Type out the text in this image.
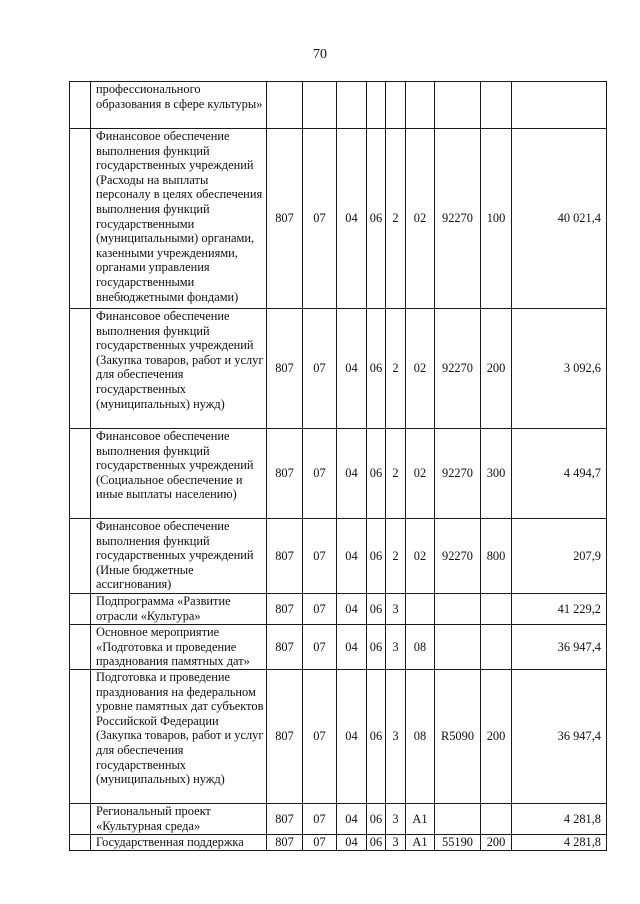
70
	профессионального образования в сфере культуры»									
	Финансовое обеспечение выполнения функций государственных учреждений (Расходы на выплаты персоналу в целях обеспечения выполнения функций государственными (муниципальными) органами, казенными учреждениями, органами управления государственными внебюджетными фондами)	807	07	04	06	2	02	92270	100	40 021,4
	Финансовое обеспечение выполнения функций государственных учреждений (Закупка товаров, работ и услуг для обеспечения государственных (муниципальных) нужд)	807	07	04	06	2	02	92270	200	3 092,6
	Финансовое обеспечение выполнения функций государственных учреждений (Социальное обеспечение и иные выплаты населению)	807	07	04	06	2	02	92270	300	4 494,7
	Финансовое обеспечение выполнения функций государственных учреждений (Иные бюджетные ассигнования)	807	07	04	06	2	02	92270	800	207,9
	Подпрограмма «Развитие отрасли «Культура»	807	07	04	06	3				41 229,2
	Основное мероприятие «Подготовка и проведение празднования памятных дат»	807	07	04	06	3	08			36 947,4
	Подготовка и проведение празднования на федеральном уровне памятных дат субъектов Российской Федерации (Закупка товаров, работ и услуг для обеспечения государственных (муниципальных) нужд)	807	07	04	06	3	08	R5090	200	36 947,4
	Региональный проект «Культурная среда»	807	07	04	06	3	А1			4 281,8
	Государственная поддержка	807	07	04	06	3	А1	55190	200	4 281,8
